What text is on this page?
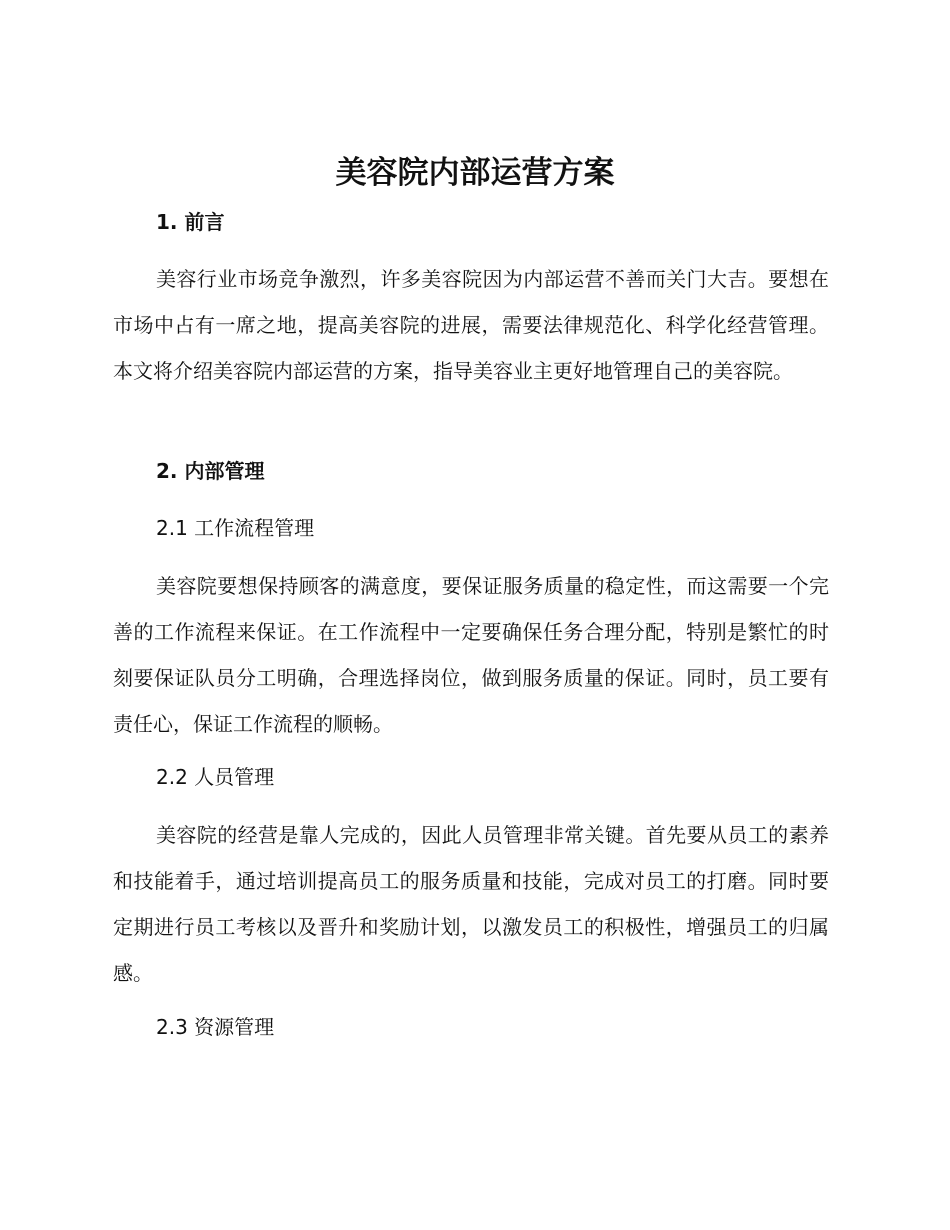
美容院内部运营方案
1. 前言

美容行业市场竞争激烈，许多美容院因为内部运营不善而关门大吉。要想在市场中占有一席之地，提高美容院的进展，需要法律规范化、科学化经营管理。本文将介绍美容院内部运营的方案，指导美容业主更好地管理自己的美容院。

2. 内部管理
2.1 工作流程管理

美容院要想保持顾客的满意度，要保证服务质量的稳定性，而这需要一个完善的工作流程来保证。在工作流程中一定要确保任务合理分配，特别是繁忙的时刻要保证队员分工明确，合理选择岗位，做到服务质量的保证。同时，员工要有责任心，保证工作流程的顺畅。

2.2 人员管理

美容院的经营是靠人完成的，因此人员管理非常关键。首先要从员工的素养和技能着手，通过培训提高员工的服务质量和技能，完成对员工的打磨。同时要定期进行员工考核以及晋升和奖励计划，以激发员工的积极性，增强员工的归属感。

2.3 资源管理
